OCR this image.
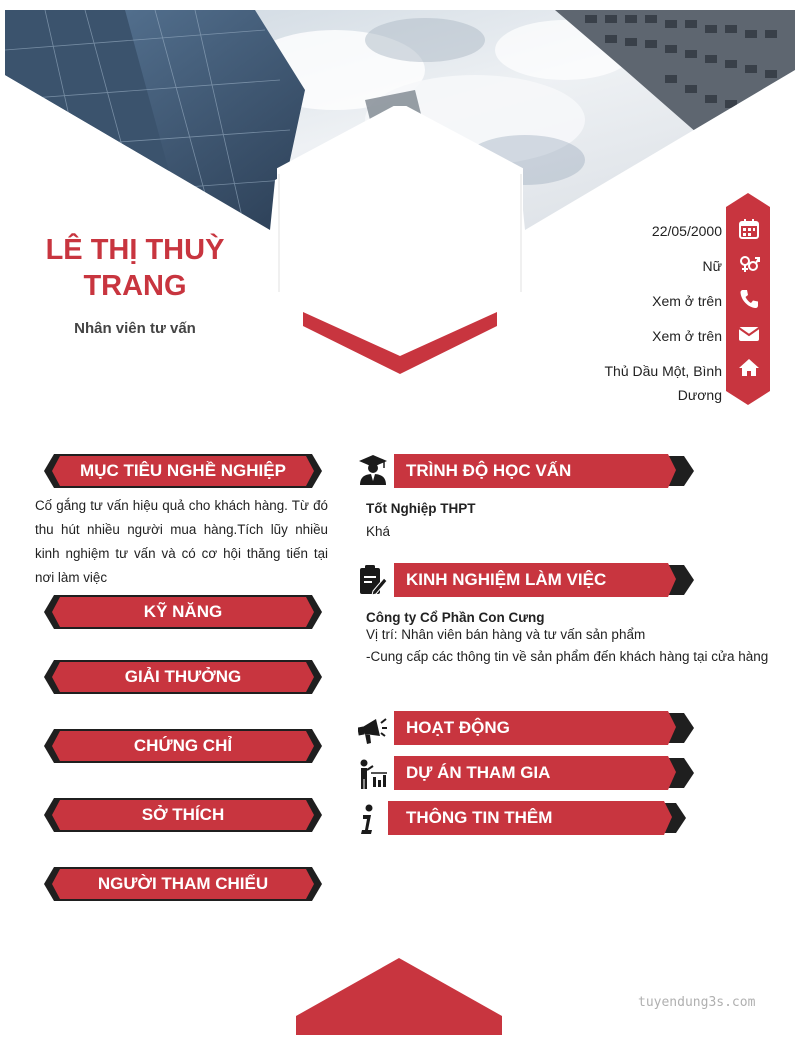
LÊ THỊ THUỲ TRANG
Nhân viên tư vấn
22/05/2000
Nữ
Xem ở trên
Xem ở trên
Thủ Dầu Một, Bình Dương
MỤC TIÊU NGHỀ NGHIỆP
Cố gắng tư vấn hiệu quả cho khách hàng. Từ đó thu hút nhiều người mua hàng.Tích lũy nhiều kinh nghiệm tư vấn và có cơ hội thăng tiến tại nơi làm việc
KỸ NĂNG
GIẢI THƯỞNG
CHỨNG CHỈ
SỞ THÍCH
NGƯỜI THAM CHIẾU
TRÌNH ĐỘ HỌC VẤN
Tốt Nghiệp THPT
Khá
KINH NGHIỆM LÀM VIỆC
Công ty Cổ Phần Con Cưng
Vị trí: Nhân viên bán hàng và tư vấn sản phẩm
-Cung cấp các thông tin về sản phẩm đến khách hàng tại cửa hàng
HOẠT ĐỘNG
DỰ ÁN THAM GIA
THÔNG TIN THÊM
tuyendung3s.com
